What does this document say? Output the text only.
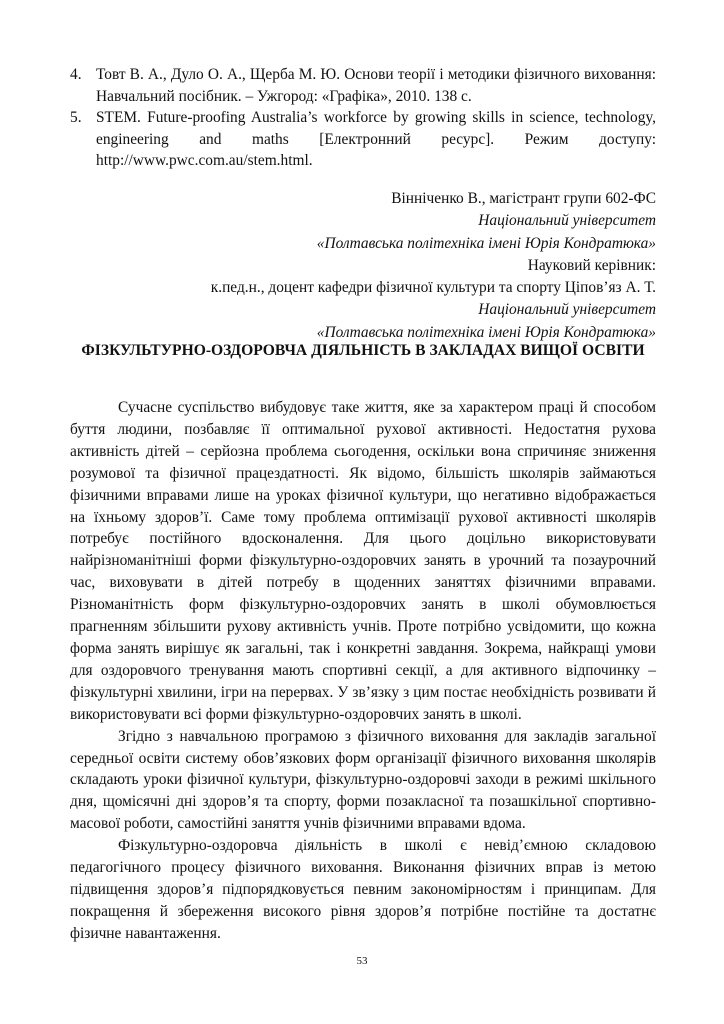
4. Товт В. А., Дуло О. А., Щерба М. Ю. Основи теорії і методики фізичного виховання: Навчальний посібник. – Ужгород: «Графіка», 2010. 138 с.
5. STEM. Future-proofing Australia’s workforce by growing skills in science, technology, engineering and maths [Електронний ресурс]. Режим доступу: http://www.pwc.com.au/stem.html.
Вінніченко В., магістрант групи 602-ФС
Національний університет
«Полтавська політехніка імені Юрія Кондратюка»
Науковий керівник:
к.пед.н., доцент кафедри фізичної культури та спорту Ціпов’яз А. Т.
Національний університет
«Полтавська політехніка імені Юрія Кондратюка»
ФІЗКУЛЬТУРНО-ОЗДОРОВЧА ДІЯЛЬНІСТЬ В ЗАКЛАДАХ ВИЩОЇ ОСВІТИ

Сучасне суспільство вибудовує таке життя, яке за характером праці й способом буття людини, позбавляє її оптимальної рухової активності. Недостатня рухова активність дітей – серйозна проблема сьогодення, оскільки вона спричиняє зниження розумової та фізичної працездатності. Як відомо, більшість школярів займаються фізичними вправами лише на уроках фізичної культури, що негативно відображається на їхньому здоров’ї. Саме тому проблема оптимізації рухової активності школярів потребує постійного вдосконалення. Для цього доцільно використовувати найрізноманітніші форми фізкультурно-оздоровчих занять в урочний та позаурочний час, виховувати в дітей потребу в щоденних заняттях фізичними вправами. Різноманітність форм фізкультурно-оздоровчих занять в школі обумовлюється прагненням збільшити рухову активність учнів. Проте потрібно усвідомити, що кожна форма занять вирішує як загальні, так і конкретні завдання. Зокрема, найкращі умови для оздоровчого тренування мають спортивні секції, а для активного відпочинку – фізкультурні хвилини, ігри на перервах. У зв’язку з цим постає необхідність розвивати й використовувати всі форми фізкультурно-оздоровчих занять в школі.

Згідно з навчальною програмою з фізичного виховання для закладів загальної середньої освіти систему обов’язкових форм організації фізичного виховання школярів складають уроки фізичної культури, фізкультурно-оздоровчі заходи в режимі шкільного дня, щомісячні дні здоров’я та спорту, форми позакласної та позашкільної спортивно-масової роботи, самостійні заняття учнів фізичними вправами вдома.

Фізкультурно-оздоровча діяльність в школі є невід’ємною складовою педагогічного процесу фізичного виховання. Виконання фізичних вправ із метою підвищення здоров’я підпорядковується певним закономірностям і принципам. Для покращення й збереження високого рівня здоров’я потрібне постійне та достатнє фізичне навантаження.

53
